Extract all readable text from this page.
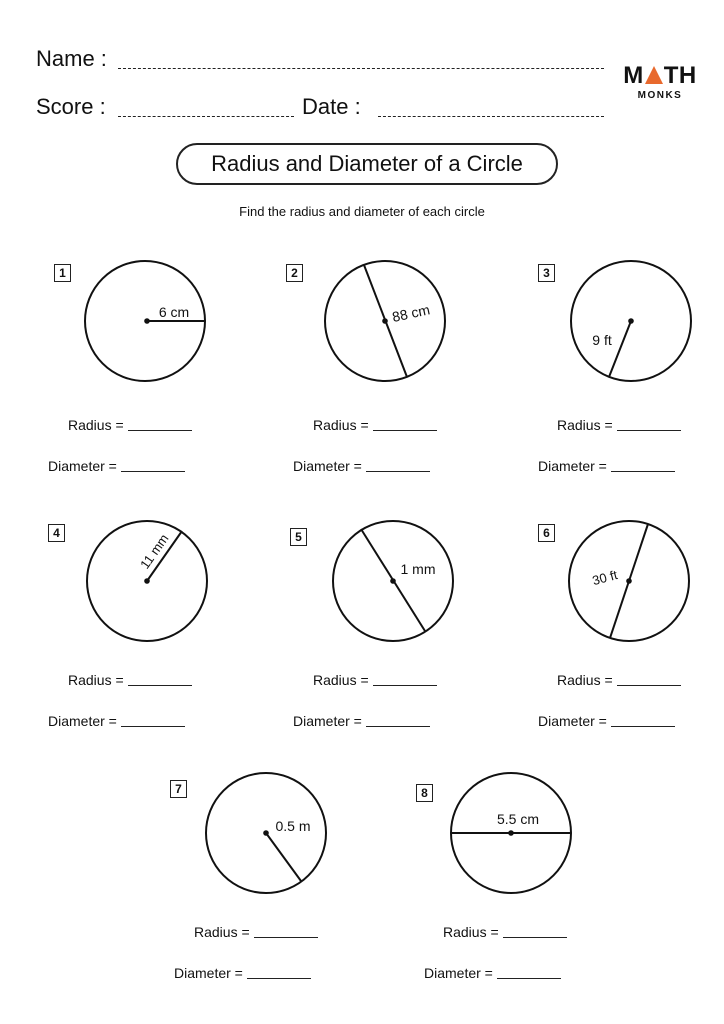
Name :
Score :	Date :
M TH
MONKS
Radius and Diameter of a Circle
Find the radius and diameter of each circle
1
6 cm
Radius =
Diameter =
2
88 cm
Radius =
Diameter =
3
9 ft
Radius =
Diameter =
4	11 mm
Radius =
Diameter =
5
1 mm
Radius =
Diameter =
6
30 ft
Radius =
Diameter =
7
0.5 m
Radius =
Diameter =
8
5.5 cm
Radius =
Diameter =
